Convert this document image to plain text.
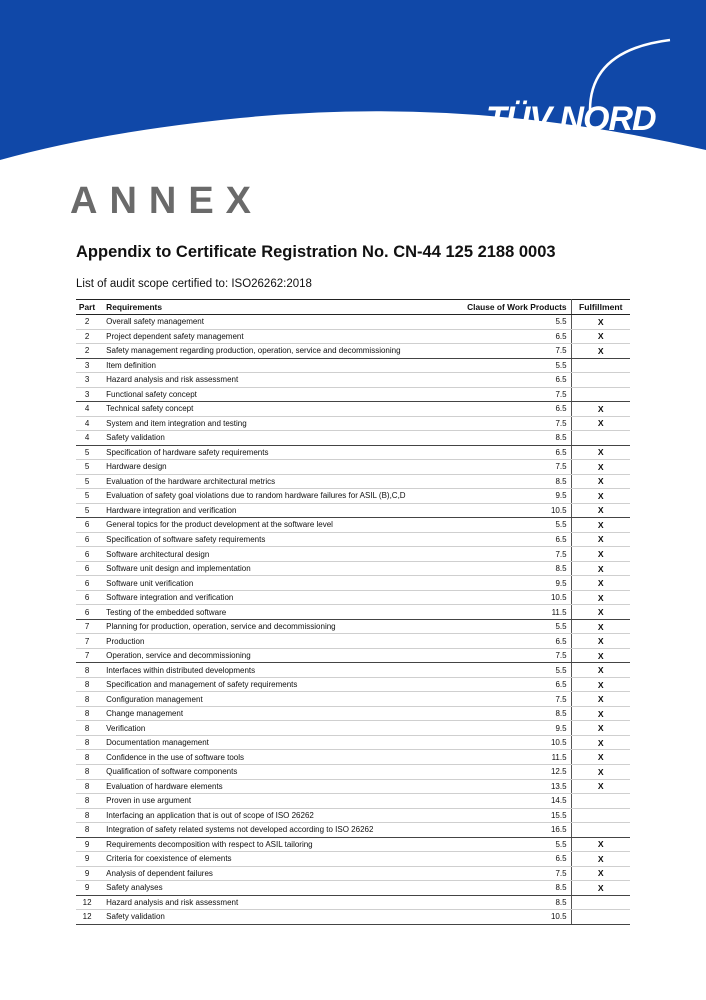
TÜV NORD
ANNEX
Appendix to Certificate Registration No. CN-44 125 2188 0003
List of audit scope certified to: ISO26262:2018
Part	Requirements	Clause of Work Products	Fulfillment
2	Overall safety management	5.5	X
2	Project dependent safety management	6.5	X
2	Safety management regarding production, operation, service and decommissioning	7.5	X
3	Item definition	5.5	
3	Hazard analysis and risk assessment	6.5	
3	Functional safety concept	7.5	
4	Technical safety concept	6.5	X
4	System and item integration and testing	7.5	X
4	Safety validation	8.5	
5	Specification of hardware safety requirements	6.5	X
5	Hardware design	7.5	X
5	Evaluation of the hardware architectural metrics	8.5	X
5	Evaluation of safety goal violations due to random hardware failures for ASIL (B),C,D	9.5	X
5	Hardware integration and verification	10.5	X
6	General topics for the product development at the software level	5.5	X
6	Specification of software safety requirements	6.5	X
6	Software architectural design	7.5	X
6	Software unit design and implementation	8.5	X
6	Software unit verification	9.5	X
6	Software integration and verification	10.5	X
6	Testing of the embedded software	11.5	X
7	Planning for production, operation, service and decommissioning	5.5	X
7	Production	6.5	X
7	Operation, service and decommissioning	7.5	X
8	Interfaces within distributed developments	5.5	X
8	Specification and management of safety requirements	6.5	X
8	Configuration management	7.5	X
8	Change management	8.5	X
8	Verification	9.5	X
8	Documentation management	10.5	X
8	Confidence in the use of software tools	11.5	X
8	Qualification of software components	12.5	X
8	Evaluation of hardware elements	13.5	X
8	Proven in use argument	14.5	
8	Interfacing an application that is out of scope of ISO 26262	15.5	
8	Integration of safety related systems not developed according to ISO 26262	16.5	
9	Requirements decomposition with respect to ASIL tailoring	5.5	X
9	Criteria for coexistence of elements	6.5	X
9	Analysis of dependent failures	7.5	X
9	Safety analyses	8.5	X
12	Hazard analysis and risk assessment	8.5	
12	Safety validation	10.5	
